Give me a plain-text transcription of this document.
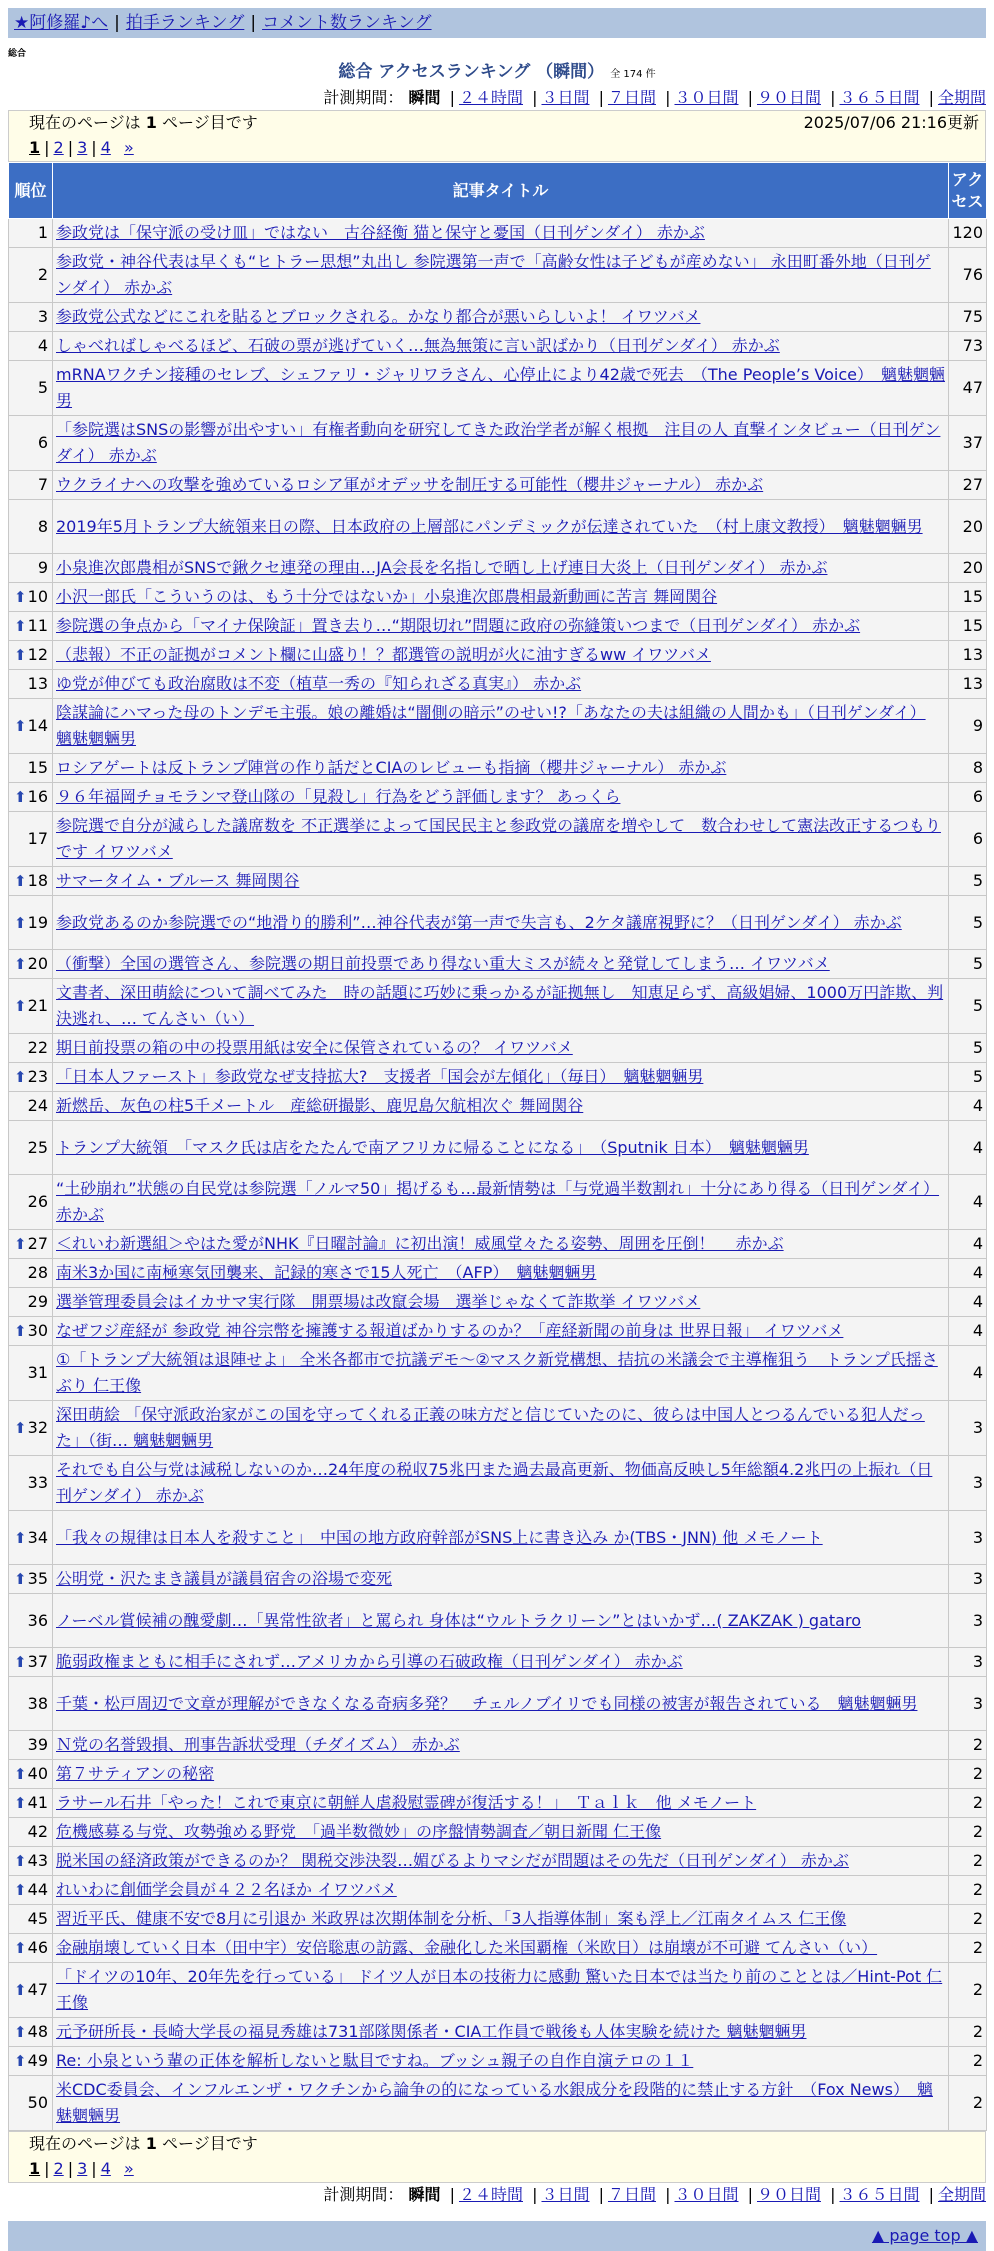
★阿修羅♪へ | 拍手ランキング | コメント数ランキング
総合
総合 アクセスランキング （瞬間） 全 174 件
計測期間： 瞬間 | ２４時間 | ３日間 | ７日間 | ３０日間 | ９０日間 | ３６５日間 | 全期間
現在のページは 1 ページ目です	2025/07/06 21:16更新
1 | 2 | 3 | 4 »
順位	記事タイトル	アクセス
1	参政党は「保守派の受け皿」ではない　古谷経衡 猫と保守と憂国（日刊ゲンダイ） 赤かぶ	120
2	参政党・神谷代表は早くも“ヒトラー思想”丸出し 参院選第一声で「高齢女性は子どもが産めない」 永田町番外地（日刊ゲンダイ） 赤かぶ	76
3	参政党公式などにこれを貼るとブロックされる。かなり都合が悪いらしいよ！ イワツバメ	75
4	しゃべればしゃべるほど、石破の票が逃げていく…無為無策に言い訳ばかり（日刊ゲンダイ） 赤かぶ	73
5	mRNAワクチン接種のセレブ、シェファリ・ジャリワラさん、心停止により42歳で死去　（The People’s Voice）　魑魅魍魎男	47
6	「参院選はSNSの影響が出やすい」有権者動向を研究してきた政治学者が解く根拠　注目の人 直撃インタビュー（日刊ゲンダイ） 赤かぶ	37
7	ウクライナへの攻撃を強めているロシア軍がオデッサを制圧する可能性（櫻井ジャーナル） 赤かぶ	27
8	2019年5月トランプ大統領来日の際、日本政府の上層部にパンデミックが伝達されていた　（村上康文教授）　魑魅魍魎男	20
9	小泉進次郎農相がSNSで鍬クセ連発の理由…JA会長を名指しで晒し上げ連日大炎上（日刊ゲンダイ） 赤かぶ	20

⬆ 10	小沢一郎氏「こういうのは、もう十分ではないか」小泉進次郎農相最新動画に苦言 舞岡関谷	15

⬆ 11	参院選の争点から「マイナ保険証」置き去り…“期限切れ”問題に政府の弥縫策いつまで（日刊ゲンダイ） 赤かぶ	15

⬆ 12	（悲報）不正の証拠がコメント欄に山盛り！？都選管の説明が火に油すぎるww イワツバメ	13
13	ゆ党が伸びても政治腐敗は不変（植草一秀の『知られざる真実』） 赤かぶ	13

⬆ 14	陰謀論にハマった母のトンデモ主張。娘の離婚は“闇側の暗示”のせい!?「あなたの夫は組織の人間かも」（日刊ゲンダイ） 魑魅魍魎男	9
15	ロシアゲートは反トランプ陣営の作り話だとCIAのレビューも指摘（櫻井ジャーナル） 赤かぶ	8

⬆ 16	９６年福岡チョモランマ登山隊の「見殺し」行為をどう評価します？ あっくら	6
17	参院選で自分が減らした議席数を 不正選挙によって国民民主と参政党の議席を増やして　数合わせして憲法改正するつもりです イワツバメ	6

⬆ 18	サマータイム・ブルース 舞岡関谷	5

⬆ 19	参政党あるのか参院選での“地滑り的勝利”…神谷代表が第一声で失言も、2ケタ議席視野に？（日刊ゲンダイ） 赤かぶ	5

⬆ 20	（衝撃）全国の選管さん、参院選の期日前投票であり得ない重大ミスが続々と発覚してしまう… イワツバメ	5

⬆ 21	文書者、深田萌絵について調べてみた　時の話題に巧妙に乗っかるが証拠無し　知恵足らず、高級娼婦、1000万円詐欺、判決逃れ、… てんさい（い）	5
22	期日前投票の箱の中の投票用紙は安全に保管されているの？ イワツバメ	5

⬆ 23	「日本人ファースト」参政党なぜ支持拡大?　支援者「国会が左傾化」（毎日）　魑魅魍魎男	5
24	新燃岳、灰色の柱5千メートル　産総研撮影、鹿児島欠航相次ぐ 舞岡関谷	4
25	トランプ大統領　「マスク氏は店をたたんで南アフリカに帰ることになる」　（Sputnik 日本）　魑魅魍魎男	4
26	“土砂崩れ”状態の自民党は参院選「ノルマ50」掲げるも…最新情勢は「与党過半数割れ」十分にあり得る（日刊ゲンダイ） 赤かぶ	4

⬆ 27	＜れいわ新選組＞やはた愛がNHK『日曜討論』に初出演！威風堂々たる姿勢、周囲を圧倒！　 赤かぶ	4
28	南米3か国に南極寒気団襲来、記録的寒さで15人死亡　（AFP）　魑魅魍魎男	4
29	選挙管理委員会はイカサマ実行隊　開票場は改竄会場　選挙じゃなくて詐欺挙 イワツバメ	4

⬆ 30	なぜフジ産経が 参政党 神谷宗幣を擁護する報道ばかりするのか？「産経新聞の前身は 世界日報」 イワツバメ	4
31	①「トランプ大統領は退陣せよ」 全米各都市で抗議デモ〜②マスク新党構想、拮抗の米議会で主導権狙う　トランプ氏揺さぶり 仁王像	4

⬆ 32	深田萌絵 「保守派政治家がこの国を守ってくれる正義の味方だと信じていたのに、彼らは中国人とつるんでいる犯人だった」（街… 魑魅魍魎男	3
33	それでも自公与党は減税しないのか…24年度の税収75兆円また過去最高更新、物価高反映し5年総額4.2兆円の上振れ（日刊ゲンダイ） 赤かぶ	3

⬆ 34	「我々の規律は日本人を殺すこと」　中国の地方政府幹部がSNS上に書き込み か(TBS・JNN) 他 メモノート	3

⬆ 35	公明党・沢たまき議員が議員宿舎の浴場で変死	3
36	ノーベル賞候補の醜愛劇…「異常性欲者」と罵られ 身体は“ウルトラクリーン”とはいかず…( ZAKZAK ) gataro	3

⬆ 37	脆弱政権まともに相手にされず…アメリカから引導の石破政権（日刊ゲンダイ） 赤かぶ	3
38	千葉・松戸周辺で文章が理解ができなくなる奇病多発？　チェルノブイリでも同様の被害が報告されている　魑魅魍魎男	3
39	Ｎ党の名誉毀損、刑事告訴状受理（チダイズム） 赤かぶ	2

⬆ 40	第７サティアンの秘密	2

⬆ 41	ラサール石井「やった！これで東京に朝鮮人虐殺慰霊碑が復活する！」　Ｔａｌｋ　他 メモノート	2
42	危機感募る与党、攻勢強める野党　「過半数微妙」の序盤情勢調査／朝日新聞 仁王像	2

⬆ 43	脱米国の経済政策ができるのか？ 関税交渉決裂…媚びるよりマシだが問題はその先だ（日刊ゲンダイ） 赤かぶ	2

⬆ 44	れいわに創価学会員が４２２名ほか イワツバメ	2
45	習近平氏、健康不安で8月に引退か 米政界は次期体制を分析、「3人指導体制」案も浮上／江南タイムス 仁王像	2

⬆ 46	金融崩壊していく日本（田中宇）安倍聡恵の訪露、金融化した米国覇権（米欧日）は崩壊が不可避 てんさい（い）	2

⬆ 47	「ドイツの10年、20年先を行っている」 ドイツ人が日本の技術力に感動 驚いた日本では当たり前のこととは／Hint-Pot 仁王像	2

⬆ 48	元予研所長・長崎大学長の福見秀雄は731部隊関係者・CIA工作員で戦後も人体実験を続けた 魑魅魍魎男	2

⬆ 49	Re: 小泉という輩の正体を解析しないと駄目ですね。ブッシュ親子の自作自演テロの１１	2
50	米CDC委員会、インフルエンザ・ワクチンから論争の的になっている水銀成分を段階的に禁止する方針　（Fox News）　魑魅魍魎男	2
現在のページは 1 ページ目です
1 | 2 | 3 | 4 »
計測期間： 瞬間 | ２４時間 | ３日間 | ７日間 | ３０日間 | ９０日間 | ３６５日間 | 全期間
▲ page top ▲
